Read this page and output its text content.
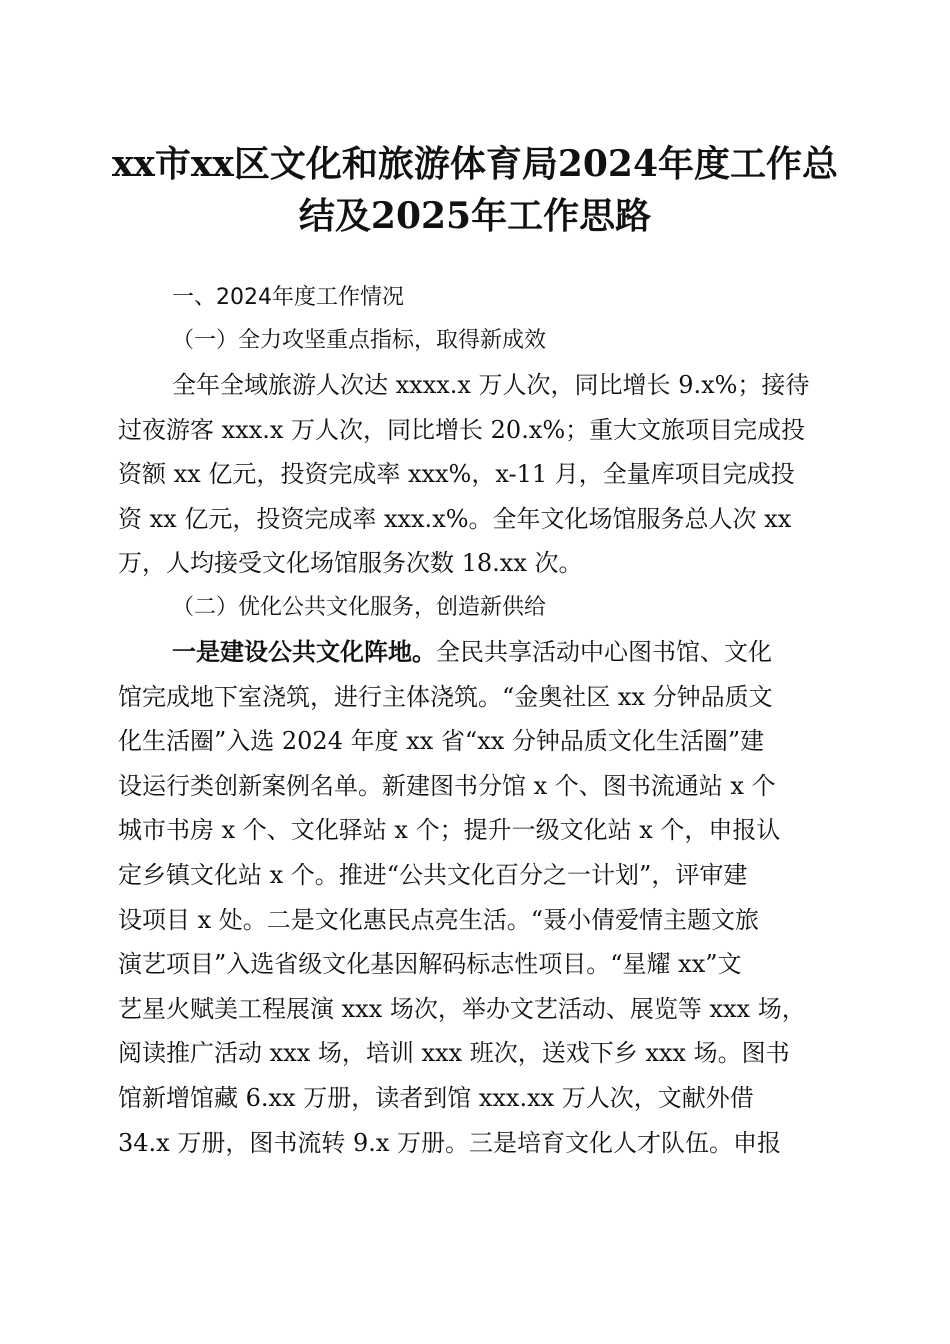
xx市xx区文化和旅游体育局2024年度工作总
结及2025年工作思路
一、2024年度工作情况
（一）全力攻坚重点指标，取得新成效
全年全域旅游人次达 xxxx.x 万人次，同比增长 9.x%；接待
过夜游客 xxx.x 万人次，同比增长 20.x%；重大文旅项目完成投
资额 xx 亿元，投资完成率 xxx%，x-11 月，全量库项目完成投
资 xx 亿元，投资完成率 xxx.x%。全年文化场馆服务总人次 xx
万，人均接受文化场馆服务次数 18.xx 次。
（二）优化公共文化服务，创造新供给
一是建设公共文化阵地。全民共享活动中心图书馆、文化
馆完成地下室浇筑，进行主体浇筑。“金奥社区 xx 分钟品质文
化生活圈”入选 2024 年度 xx 省“xx 分钟品质文化生活圈”建
设运行类创新案例名单。新建图书分馆 x 个、图书流通站 x 个
城市书房 x 个、文化驿站 x 个；提升一级文化站 x 个，申报认
定乡镇文化站 x 个。推进“公共文化百分之一计划”，评审建
设项目 x 处。二是文化惠民点亮生活。“聂小倩爱情主题文旅
演艺项目”入选省级文化基因解码标志性项目。“星耀 xx”文
艺星火赋美工程展演 xxx 场次，举办文艺活动、展览等 xxx 场，
阅读推广活动 xxx 场，培训 xxx 班次，送戏下乡 xxx 场。图书
馆新增馆藏 6.xx 万册，读者到馆 xxx.xx 万人次，文献外借
34.x 万册，图书流转 9.x 万册。三是培育文化人才队伍。申报
